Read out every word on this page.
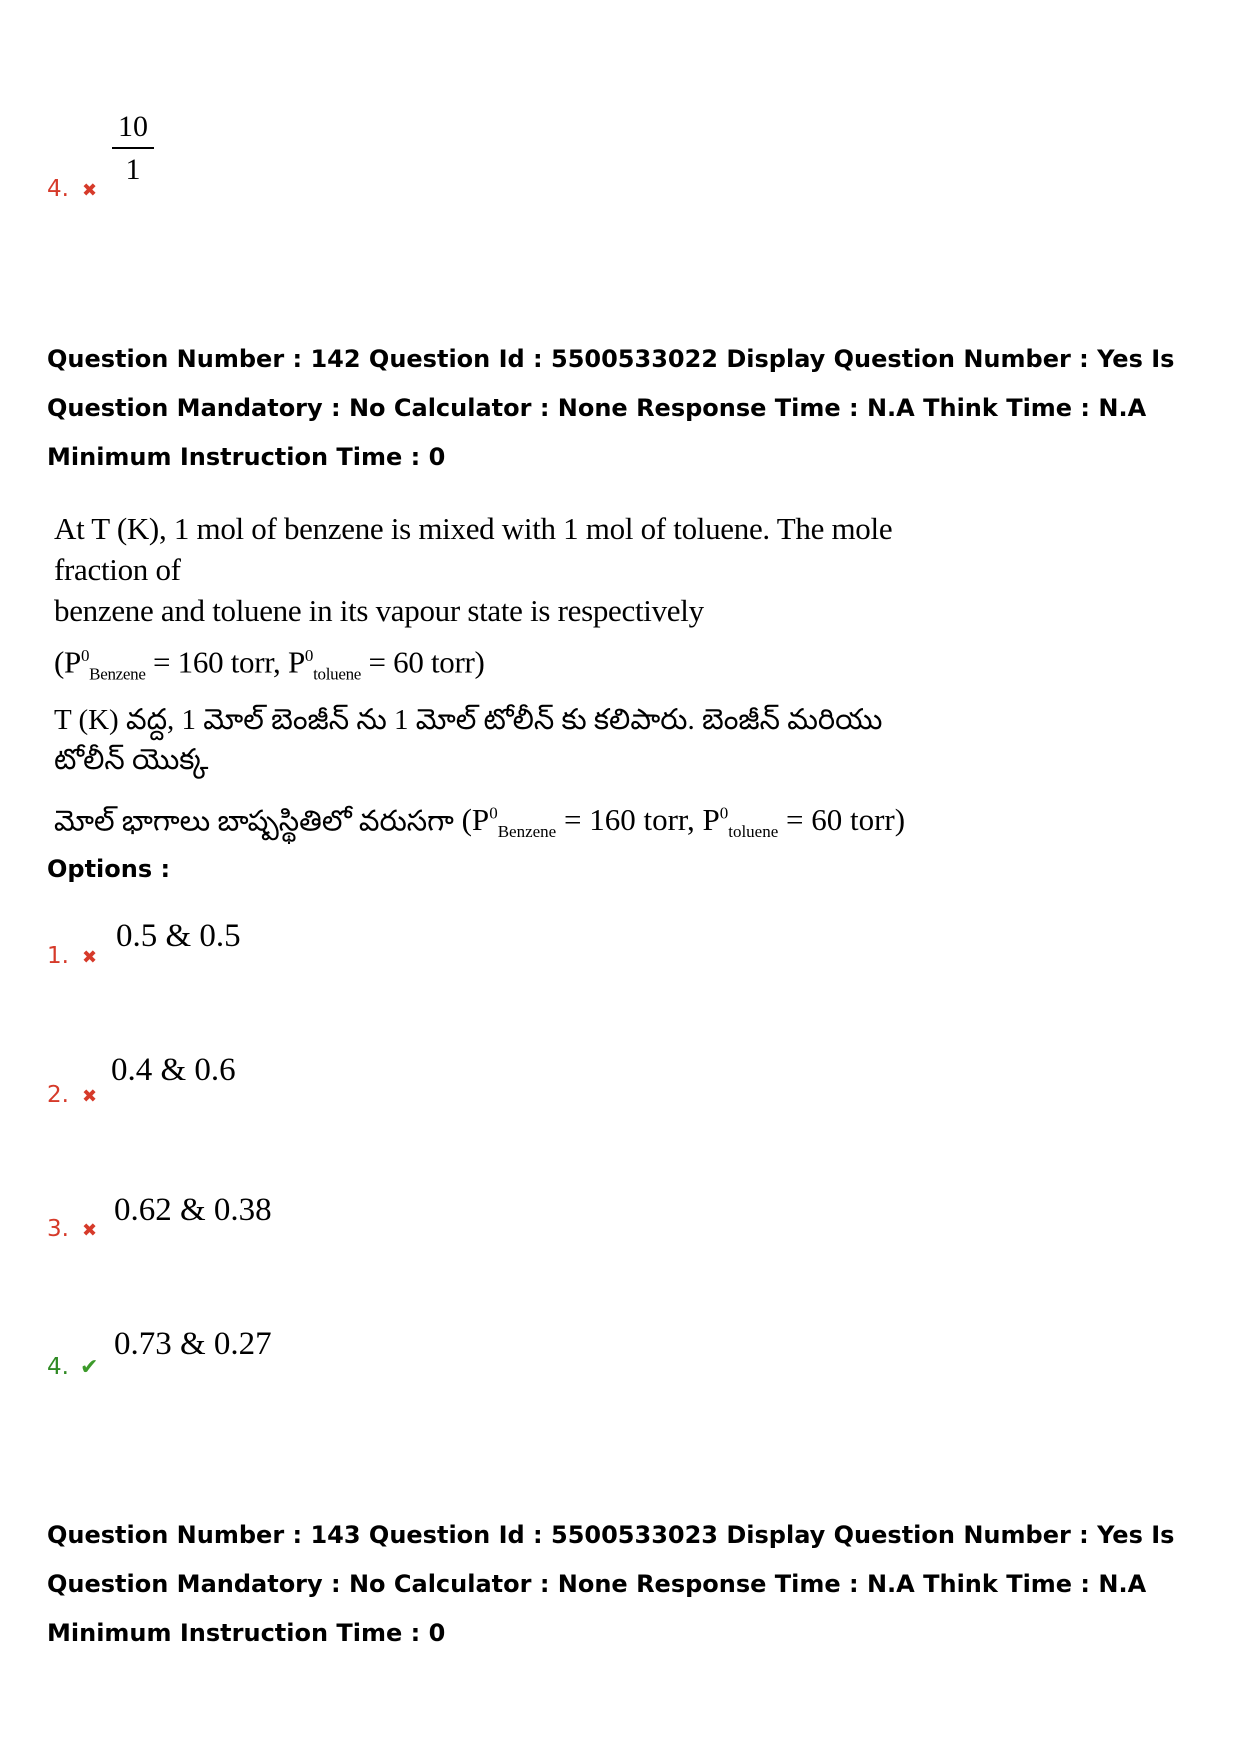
4. ✖
10
1
Question Number : 142 Question Id : 5500533022 Display Question Number : Yes Is Question Mandatory : No Calculator : None Response Time : N.A Think Time : N.A Minimum Instruction Time : 0
At T (K), 1 mol of benzene is mixed with 1 mol of toluene. The mole fraction of
benzene and toluene in its vapour state is respectively
($P^0_{Benzene} = 160$ torr, $P^0_{toluene} = 60$ torr)
T (K) వద్ద, 1 మోల్ బెంజీన్ ను 1 మోల్ టోలీన్ కు కలిపారు. బెంజీన్ మరియు టోలీన్ యొక్క
మోల్ భాగాలు బాష్పస్థితిలో వరుసగా ($P^0_{Benzene} = 160$ torr, $P^0_{toluene} = 60$ torr)
Options :
1. ✖
0.5 & 0.5
2. ✖
0.4 & 0.6
3. ✖
0.62 & 0.38
4. ✔
0.73 & 0.27
Question Number : 143 Question Id : 5500533023 Display Question Number : Yes Is Question Mandatory : No Calculator : None Response Time : N.A Think Time : N.A Minimum Instruction Time : 0
